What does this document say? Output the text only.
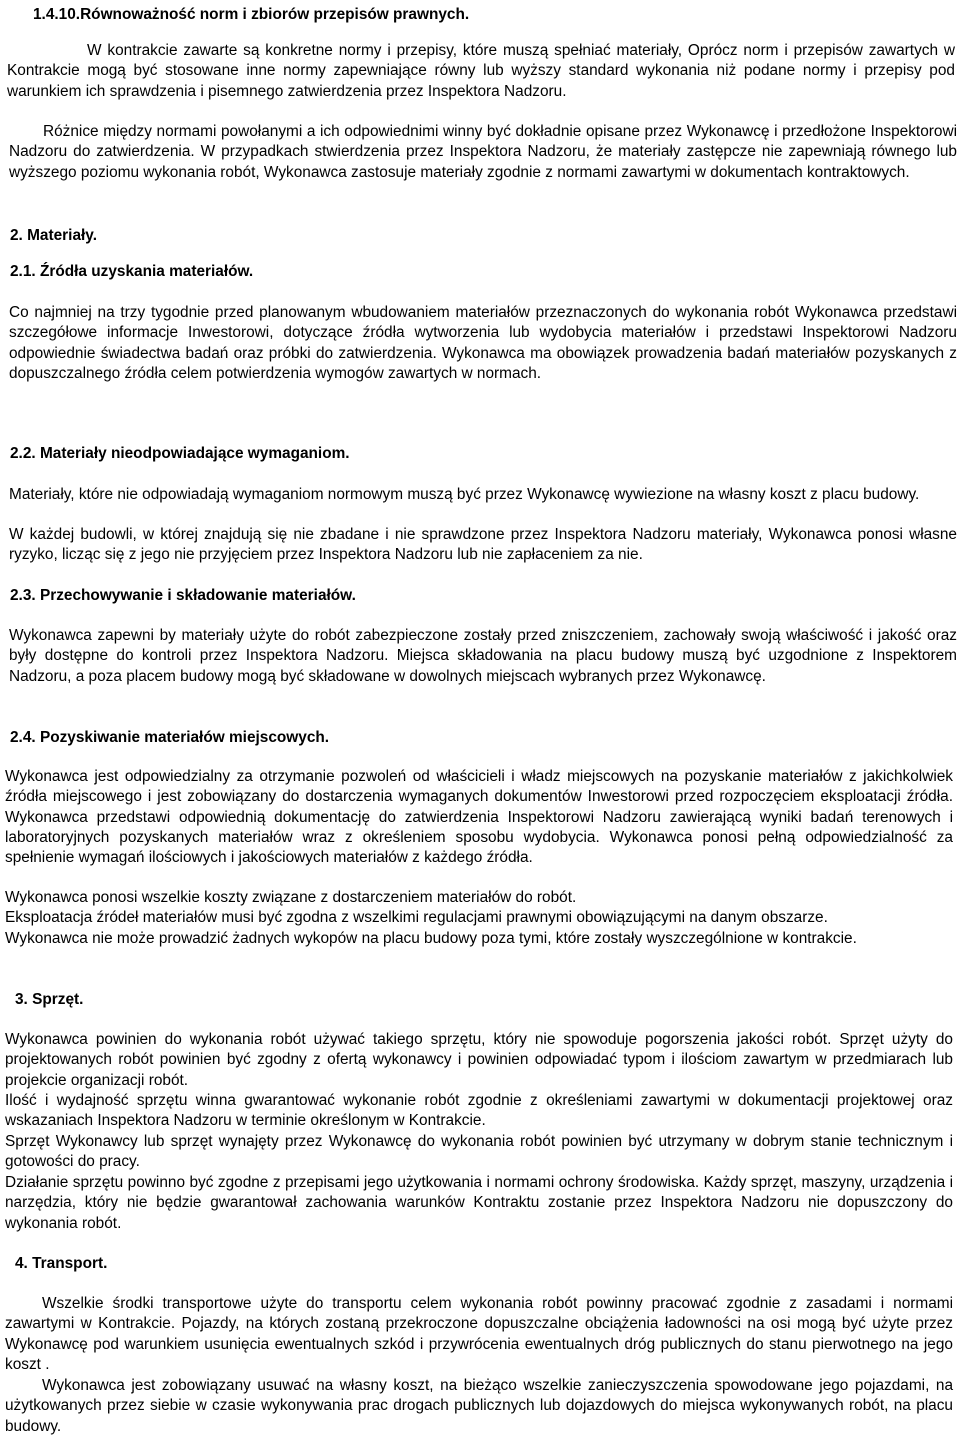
1.4.10.Równoważność norm i zbiorów przepisów prawnych.

W kontrakcie zawarte są konkretne normy i przepisy, które muszą spełniać materiały, Oprócz norm i przepisów zawartych w Kontrakcie mogą być stosowane inne normy zapewniające równy lub wyższy standard wykonania niż podane normy i przepisy pod warunkiem ich sprawdzenia i pisemnego zatwierdzenia przez Inspektora Nadzoru.

Różnice między normami powołanymi a ich odpowiednimi winny być dokładnie opisane przez Wykonawcę i przedłożone Inspektorowi Nadzoru do zatwierdzenia. W przypadkach stwierdzenia przez Inspektora Nadzoru, że materiały zastępcze nie zapewniają równego lub wyższego poziomu wykonania robót, Wykonawca zastosuje materiały zgodnie z normami zawartymi w dokumentach kontraktowych.

2. Materiały.
2.1. Źródła uzyskania materiałów.

Co najmniej na trzy tygodnie przed planowanym wbudowaniem materiałów przeznaczonych do wykonania robót Wykonawca przedstawi szczegółowe informacje Inwestorowi, dotyczące źródła wytworzenia lub wydobycia materiałów i przedstawi Inspektorowi Nadzoru odpowiednie świadectwa badań oraz próbki do zatwierdzenia. Wykonawca ma obowiązek prowadzenia badań materiałów pozyskanych z dopuszczalnego źródła celem potwierdzenia wymogów zawartych w normach.

2.2. Materiały nieodpowiadające wymaganiom.

Materiały, które nie odpowiadają wymaganiom normowym muszą być przez Wykonawcę wywiezione na własny koszt z placu budowy.

W każdej budowli, w której znajdują się nie zbadane i nie sprawdzone przez Inspektora Nadzoru materiały, Wykonawca ponosi własne ryzyko, licząc się z jego nie przyjęciem przez Inspektora Nadzoru lub nie zapłaceniem za nie.

2.3. Przechowywanie i składowanie materiałów.

Wykonawca zapewni by materiały użyte do robót zabezpieczone zostały przed zniszczeniem, zachowały swoją właściwość i jakość oraz były dostępne do kontroli przez Inspektora Nadzoru. Miejsca składowania na placu budowy muszą być uzgodnione z Inspektorem Nadzoru, a poza placem budowy mogą być składowane w dowolnych miejscach wybranych przez Wykonawcę.

2.4. Pozyskiwanie materiałów miejscowych.

Wykonawca jest odpowiedzialny za otrzymanie pozwoleń od właścicieli i władz miejscowych na pozyskanie materiałów z jakichkolwiek źródła miejscowego i jest zobowiązany do dostarczenia wymaganych dokumentów Inwestorowi przed rozpoczęciem eksploatacji źródła. Wykonawca przedstawi odpowiednią dokumentację do zatwierdzenia Inspektorowi Nadzoru zawierającą wyniki badań terenowych i laboratoryjnych pozyskanych materiałów wraz z określeniem sposobu wydobycia. Wykonawca ponosi pełną odpowiedzialność za spełnienie wymagań ilościowych i jakościowych materiałów z każdego źródła.

Wykonawca ponosi wszelkie koszty związane z dostarczeniem materiałów do robót.

Eksploatacja źródeł materiałów musi być zgodna z wszelkimi regulacjami prawnymi obowiązującymi na danym obszarze.

Wykonawca nie może prowadzić żadnych wykopów na placu budowy poza tymi, które zostały wyszczególnione w kontrakcie.

3. Sprzęt.

Wykonawca powinien do wykonania robót używać takiego sprzętu, który nie spowoduje pogorszenia jakości robót. Sprzęt użyty do projektowanych robót powinien być zgodny z ofertą wykonawcy i powinien odpowiadać typom i ilościom zawartym w przedmiarach lub projekcie organizacji robót.

Ilość i wydajność sprzętu winna gwarantować wykonanie robót zgodnie z określeniami zawartymi w dokumentacji projektowej oraz wskazaniach Inspektora Nadzoru w terminie określonym w Kontrakcie.

Sprzęt Wykonawcy lub sprzęt wynajęty przez Wykonawcę do wykonania robót powinien być utrzymany w dobrym stanie technicznym i gotowości do pracy.

Działanie sprzętu powinno być zgodne z przepisami jego użytkowania i normami ochrony środowiska. Każdy sprzęt, maszyny, urządzenia i narzędzia, który nie będzie gwarantował zachowania warunków Kontraktu zostanie przez Inspektora Nadzoru nie dopuszczony do wykonania robót.

4. Transport.

Wszelkie środki transportowe użyte do transportu celem wykonania robót powinny pracować zgodnie z zasadami i normami zawartymi w Kontrakcie. Pojazdy, na których zostaną przekroczone dopuszczalne obciążenia ładowności na osi mogą być użyte przez Wykonawcę pod warunkiem usunięcia ewentualnych szkód i przywrócenia ewentualnych dróg publicznych do stanu pierwotnego na jego koszt .

Wykonawca jest zobowiązany usuwać na własny koszt, na bieżąco wszelkie zanieczyszczenia spowodowane jego pojazdami, na użytkowanych przez siebie w czasie wykonywania prac drogach publicznych lub dojazdowych do miejsca wykonywanych robót, na placu budowy.
